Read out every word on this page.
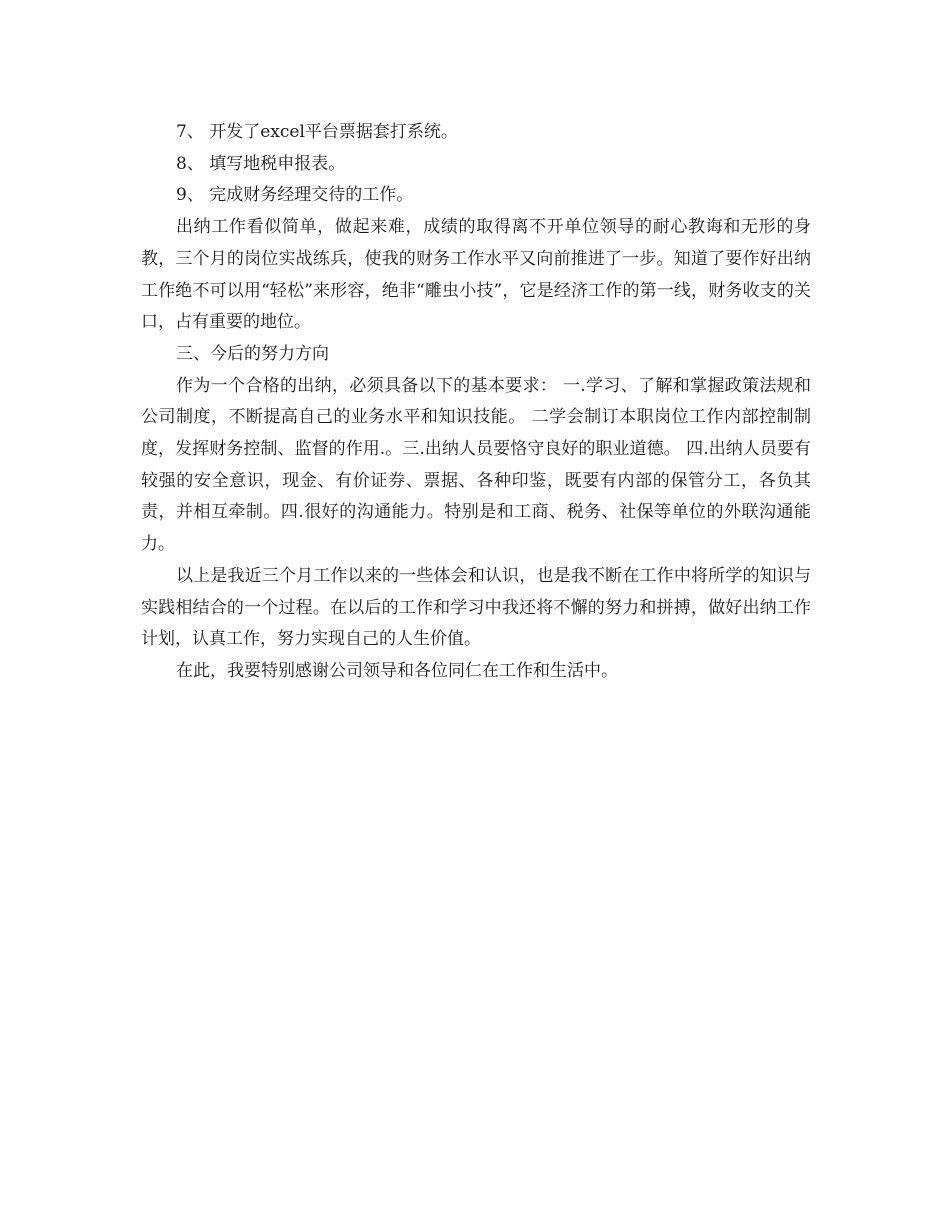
7、 开发了excel平台票据套打系统。

8、 填写地税申报表。

9、 完成财务经理交待的工作。

出纳工作看似简单，做起来难，成绩的取得离不开单位领导的耐心教诲和无形的身教，三个月的岗位实战练兵，使我的财务工作水平又向前推进了一步。知道了要作好出纳工作绝不可以用“轻松”来形容，绝非“雕虫小技”，它是经济工作的第一线，财务收支的关口，占有重要的地位。

三、今后的努力方向

作为一个合格的出纳，必须具备以下的基本要求： 一.学习、了解和掌握政策法规和公司制度，不断提高自己的业务水平和知识技能。 二学会制订本职岗位工作内部控制制度，发挥财务控制、监督的作用.。三.出纳人员要恪守良好的职业道德。 四.出纳人员要有较强的安全意识，现金、有价证券、票据、各种印鉴，既要有内部的保管分工，各负其责，并相互牵制。四.很好的沟通能力。特别是和工商、税务、社保等单位的外联沟通能力。

以上是我近三个月工作以来的一些体会和认识，也是我不断在工作中将所学的知识与实践相结合的一个过程。在以后的工作和学习中我还将不懈的努力和拼搏，做好出纳工作计划，认真工作，努力实现自己的人生价值。

在此，我要特别感谢公司领导和各位同仁在工作和生活中。
